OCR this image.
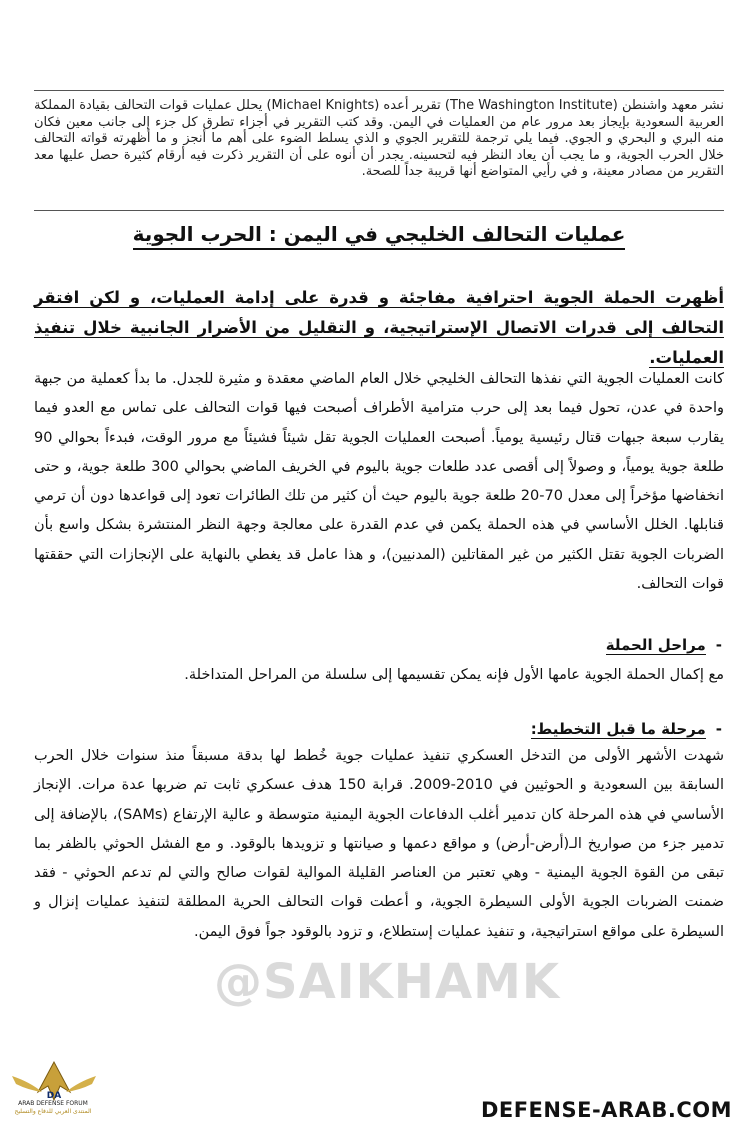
نشر معهد واشنطن (The Washington Institute) تقرير أعده (Michael Knights) يحلل عمليات قوات التحالف بقيادة المملكة العربية السعودية بإيجاز بعد مرور عام من العمليات في اليمن. وقد كتب التقرير في أجزاء تطرق كل جزء إلى جانب معين فكان منه البري و البحري و الجوي. فيما يلي ترجمة للتقرير الجوي و الذي يسلط الضوء على أهم ما أنجز و ما أظهرته قواته التحالف خلال الحرب الجوية، و ما يجب أن يعاد النظر فيه لتحسينه. يجدر أن أنوه على أن التقرير ذكرت فيه أرقام كثيرة حصل عليها معد التقرير من مصادر معينة، و في رأيي المتواضع أنها قريبة جداً للصحة.

عمليات التحالف الخليجي في اليمن : الحرب الجوية

أظهرت الحملة الجوية احترافية مفاجئة و قدرة على إدامة العمليات، و لكن افتقر التحالف إلى قدرات الاتصال الإستراتيجية، و التقليل من الأضرار الجانبية خلال تنفيذ العمليات.

كانت العمليات الجوية التي نفذها التحالف الخليجي خلال العام الماضي معقدة و مثيرة للجدل. ما بدأ كعملية من جبهة واحدة في عدن، تحول فيما بعد إلى حرب مترامية الأطراف أصبحت فيها قوات التحالف على تماس مع العدو فيما يقارب سبعة جبهات قتال رئيسية يومياً. أصبحت العمليات الجوية تقل شيئاً فشيئاً مع مرور الوقت، فبدءاً بحوالي 90 طلعة جوية يومياً، و وصولاً إلى أقصى عدد طلعات جوية باليوم في الخريف الماضي بحوالي 300 طلعة جوية، و حتى انخفاضها مؤخراً إلى معدل 70-20 طلعة جوية باليوم حيث أن كثير من تلك الطائرات تعود إلى قواعدها دون أن ترمي قنابلها. الخلل الأساسي في هذه الحملة يكمن في عدم القدرة على معالجة وجهة النظر المنتشرة بشكل واسع بأن الضربات الجوية تقتل الكثير من غير المقاتلين (المدنيين)، و هذا عامل قد يغطي بالنهاية على الإنجازات التي حققتها قوات التحالف.

-مراحل الحملة

مع إكمال الحملة الجوية عامها الأول فإنه يمكن تقسيمها إلى سلسلة من المراحل المتداخلة.

-مرحلة ما قبل التخطيط:

شهدت الأشهر الأولى من التدخل العسكري تنفيذ عمليات جوية خُطط لها بدقة مسبقاً منذ سنوات خلال الحرب السابقة بين السعودية و الحوثيين في 2010-2009. قرابة 150 هدف عسكري ثابت تم ضربها عدة مرات. الإنجاز الأساسي في هذه المرحلة كان تدمير أغلب الدفاعات الجوية اليمنية متوسطة و عالية الإرتفاع (SAMs)، بالإضافة إلى تدمير جزء من صواريخ الـ(أرض-أرض) و مواقع دعمها و صيانتها و تزويدها بالوقود. و مع الفشل الحوثي بالظفر بما تبقى من القوة الجوية اليمنية - وهي تعتبر من العناصر القليلة الموالية لقوات صالح والتي لم تدعم الحوثي - فقد ضمنت الضربات الجوية الأولى السيطرة الجوية، و أعطت قوات التحالف الحرية المطلقة لتنفيذ عمليات إنزال و السيطرة على مواقع استراتيجية، و تنفيذ عمليات إستطلاع، و تزود بالوقود جواً فوق اليمن.

@SAIKHAMK
DA
ARAB DEFENSE FORUM
المنتدى العربي للدفاع والتسليح	DEFENSE-ARAB.COM
